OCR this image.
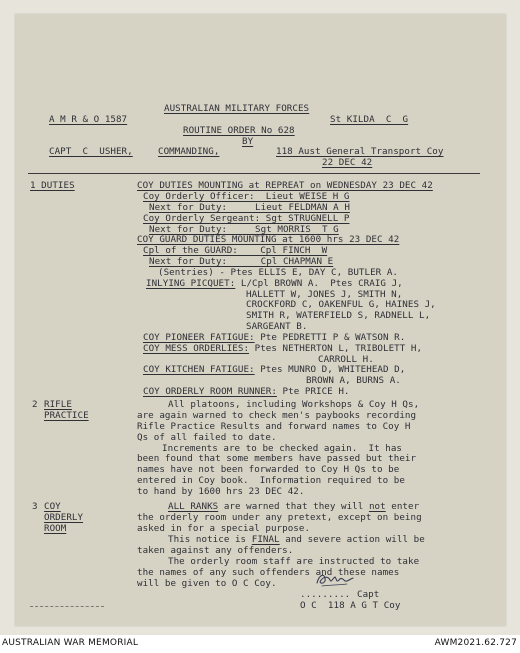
AUSTRALIAN MILITARY FORCES
A M R & O 1587	St KILDA  C  G
ROUTINE ORDER No 628
BY
CAPT  C  USHER,	COMMANDING,	118 Aust General Transport Coy
22 DEC 42
1 DUTIES	COY DUTIES MOUNTING at REPREAT on WEDNESDAY 23 DEC 42
Coy Orderly Officer:  Lieut WEISE H G
Next for Duty:     Lieut FELDMAN A H
Coy Orderly Sergeant: Sgt STRUGNELL P
Next for Duty:     Sgt MORRIS  T G
COY GUARD DUTIES MOUNTING at 1600 hrs 23 DEC 42
Cpl of the GUARD:    Cpl FINCH  W
Next for Duty:      Cpl CHAPMAN E
(Sentries) - Ptes ELLIS E, DAY C, BUTLER A.
INLYING PICQUET: L/Cpl BROWN A.  Ptes CRAIG J,
HALLETT W, JONES J, SMITH N,
CROCKFORD C, OAKENFUL G, HAINES J,
SMITH R, WATERFIELD S, RADNELL L,
SARGEANT B.
COY PIONEER FATIGUE: Pte PEDRETTI P & WATSON R.
COY MESS ORDERLIES: Ptes NETHERTON L, TRIBOLETT H,
CARROLL H.
COY KITCHEN FATIGUE: Ptes MUNRO D, WHITEHEAD D,
BROWN A, BURNS A.
COY ORDERLY ROOM RUNNER: Pte PRICE H.
2 RIFLE
PRACTICE
All platoons, including Workshops & Coy H Qs,
are again warned to check men's paybooks recording
Rifle Practice Results and forward names to Coy H
Qs of all failed to date.
Increments are to be checked again.  It has
been found that some members have passed but their
names have not been forwarded to Coy H Qs to be
entered in Coy book.  Information required to be
to hand by 1600 hrs 23 DEC 42.
3 COY
ORDERLY
ROOM
ALL RANKS are warned that they will not enter
the orderly room under any pretext, except on being
asked in for a special purpose.
This notice is FINAL and severe action will be
taken against any offenders.
The orderly room staff are instructed to take
the names of any such offenders and these names
will be given to O C Coy.
......... Capt
O C  118 A G T Coy
AUSTRALIAN WAR MEMORIAL	AWM2021.62.727
